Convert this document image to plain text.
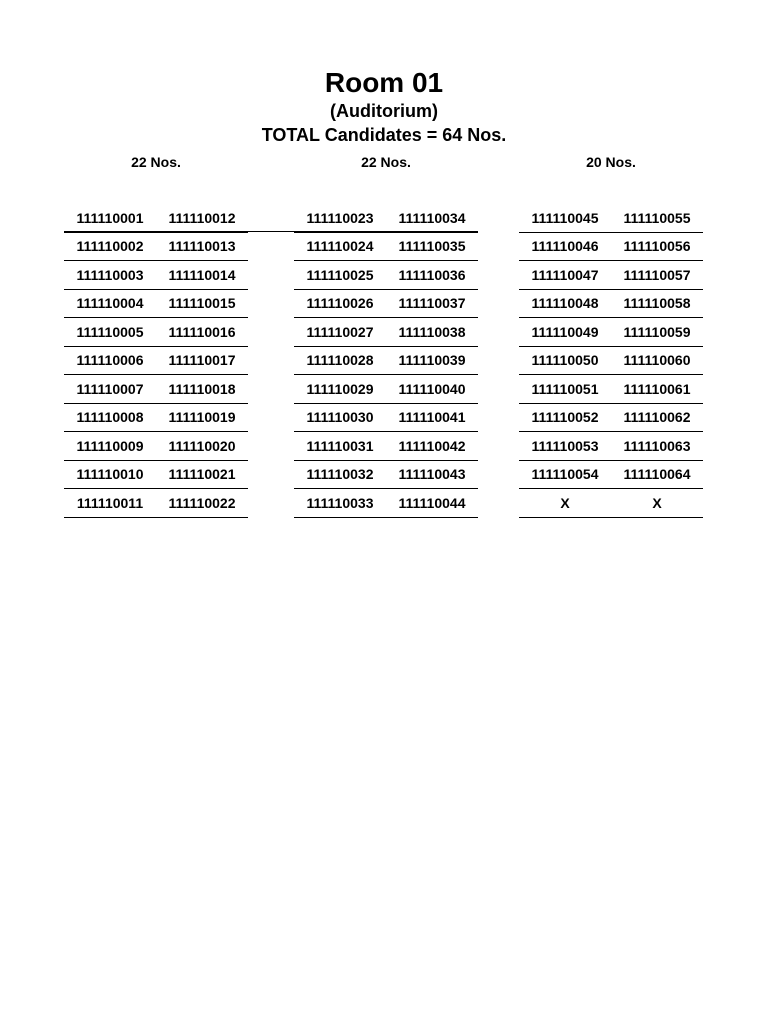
Room 01
(Auditorium)
TOTAL Candidates = 64 Nos.
22 Nos.
111110001	111110012
111110002	111110013
111110003	111110014
111110004	111110015
111110005	111110016
111110006	111110017
111110007	111110018
111110008	111110019
111110009	111110020
111110010	111110021
111110011	111110022
22 Nos.
111110023	111110034
111110024	111110035
111110025	111110036
111110026	111110037
111110027	111110038
111110028	111110039
111110029	111110040
111110030	111110041
111110031	111110042
111110032	111110043
111110033	111110044
20 Nos.
111110045	111110055
111110046	111110056
111110047	111110057
111110048	111110058
111110049	111110059
111110050	111110060
111110051	111110061
111110052	111110062
111110053	111110063
111110054	111110064
X	X
